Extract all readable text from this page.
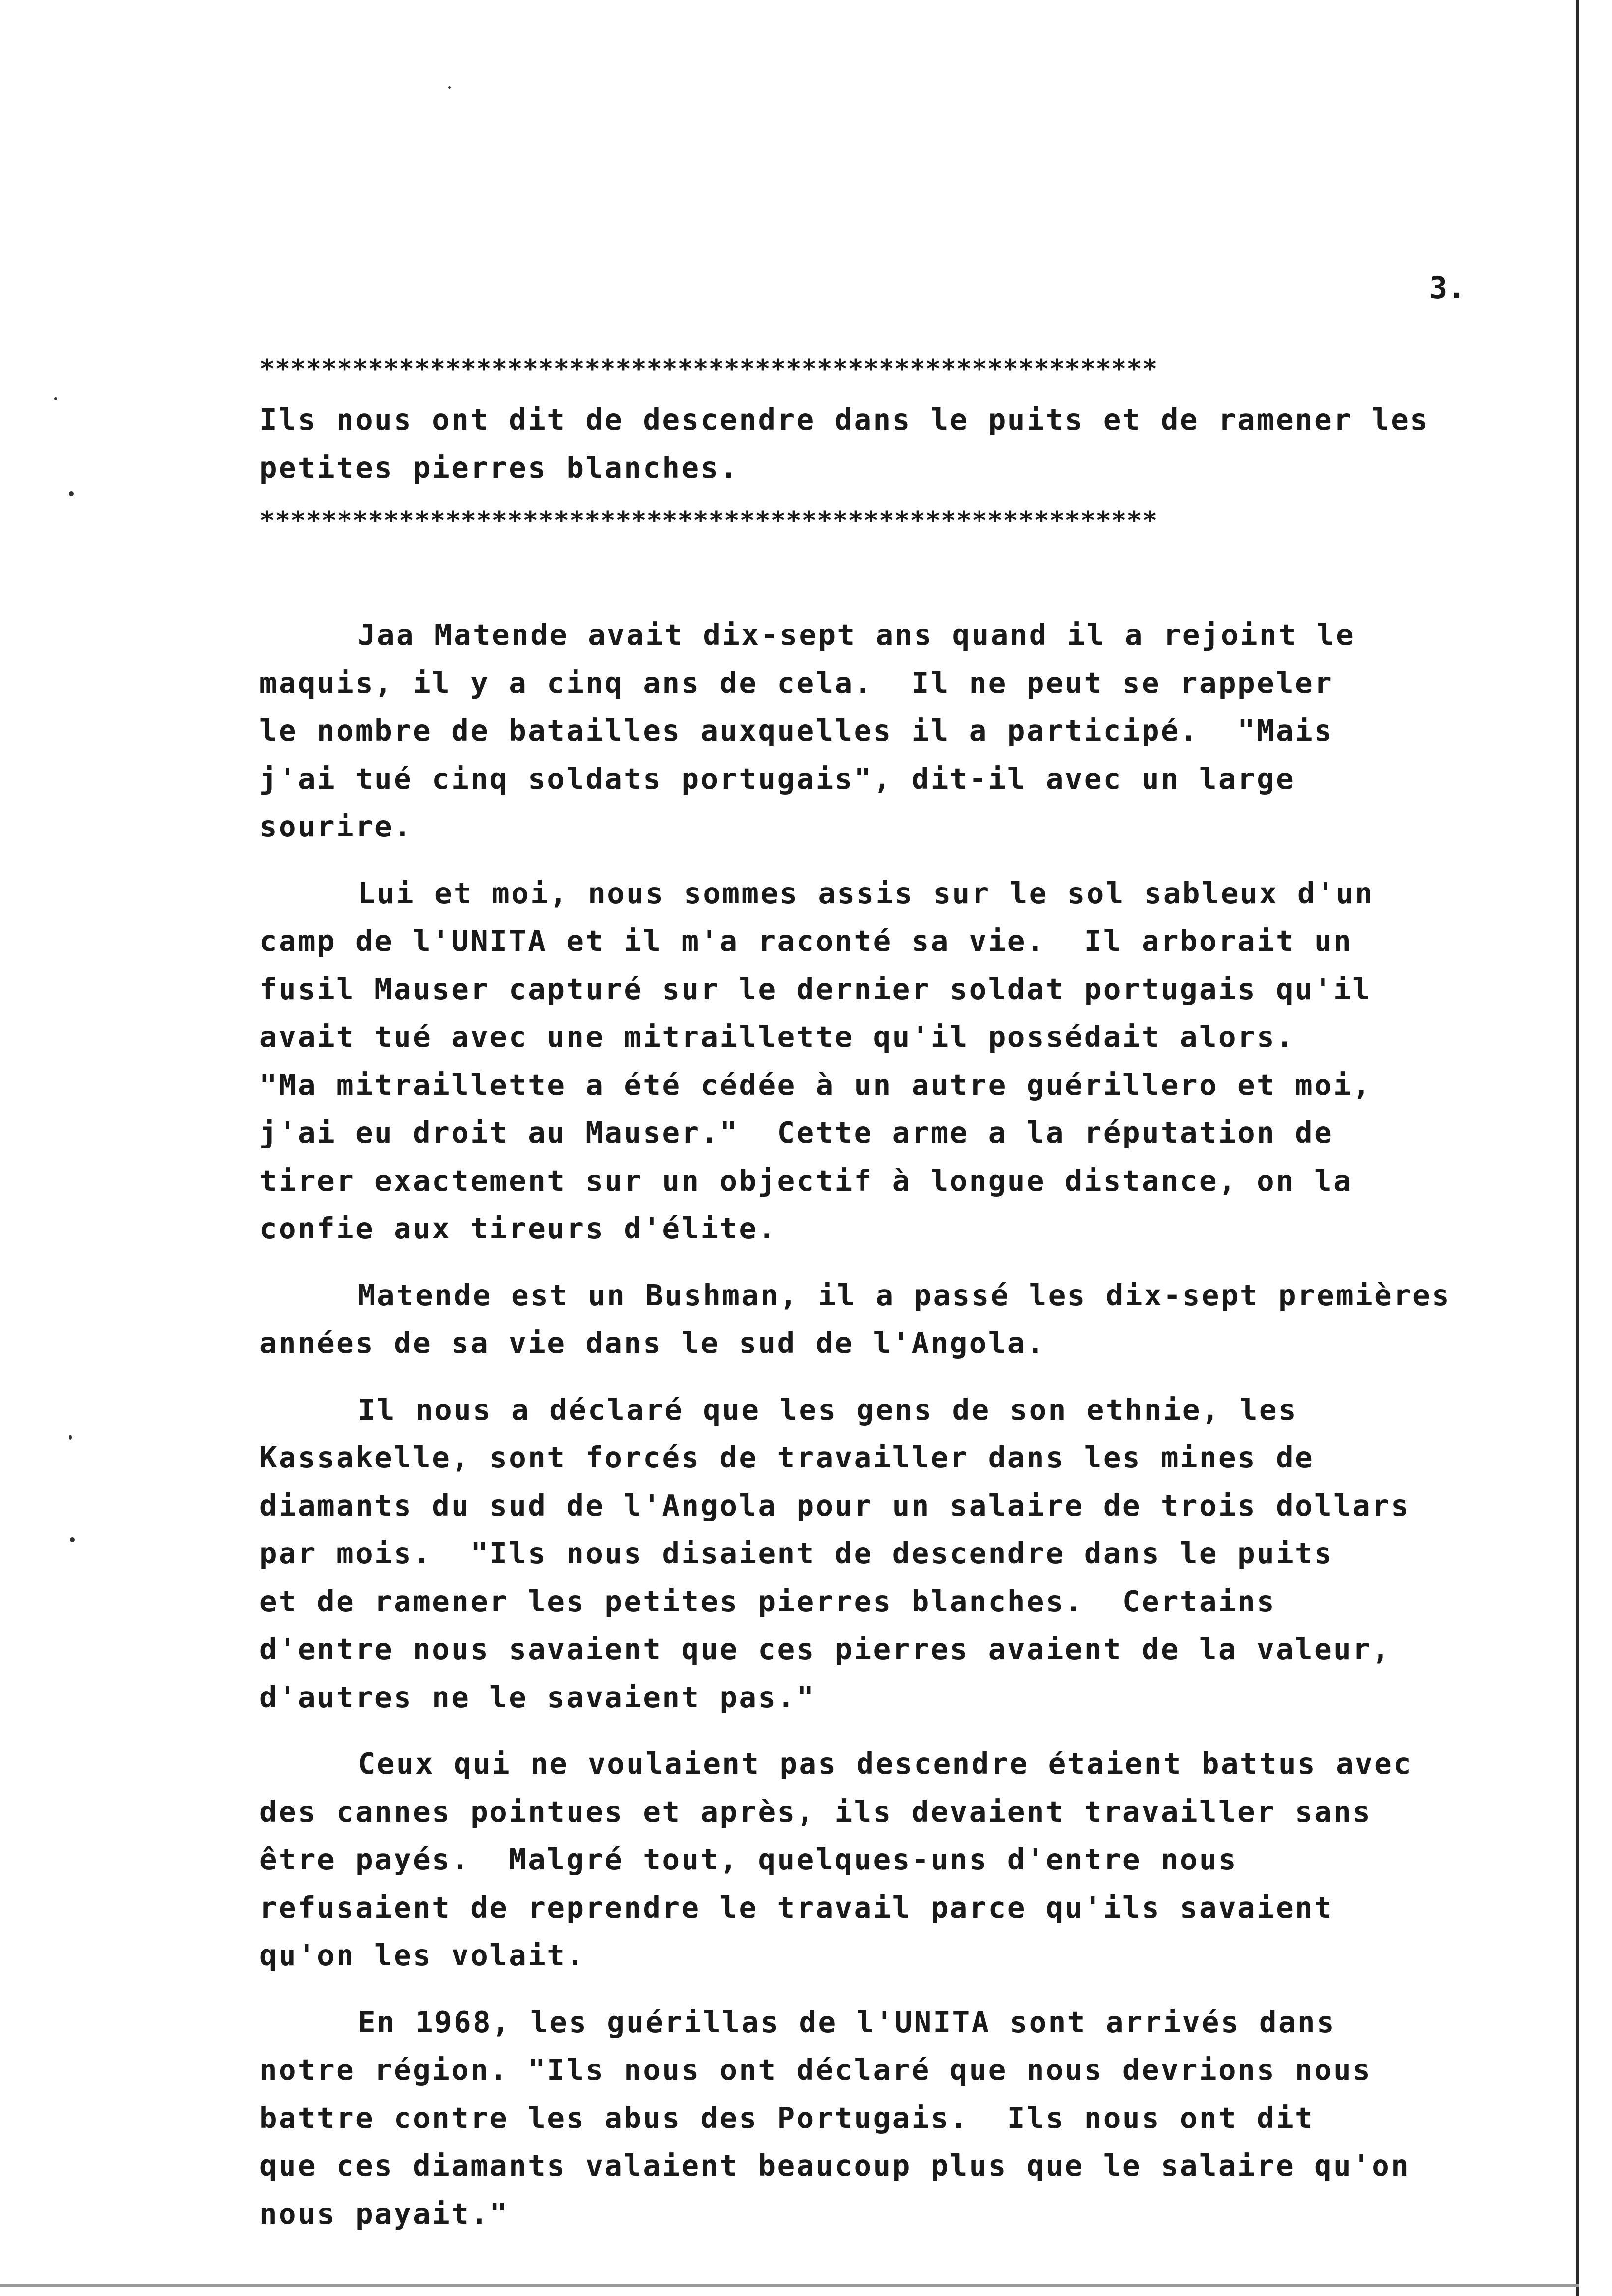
3.
**********************************************************
Ils nous ont dit de descendre dans le puits et de ramener les
petites pierres blanches.
**********************************************************
Jaa Matende avait dix-sept ans quand il a rejoint le
maquis, il y a cinq ans de cela.  Il ne peut se rappeler
le nombre de batailles auxquelles il a participé.  "Mais
j'ai tué cinq soldats portugais", dit-il avec un large
sourire.
Lui et moi, nous sommes assis sur le sol sableux d'un
camp de l'UNITA et il m'a raconté sa vie.  Il arborait un
fusil Mauser capturé sur le dernier soldat portugais qu'il
avait tué avec une mitraillette qu'il possédait alors.
"Ma mitraillette a été cédée à un autre guérillero et moi,
j'ai eu droit au Mauser."  Cette arme a la réputation de
tirer exactement sur un objectif à longue distance, on la
confie aux tireurs d'élite.
Matende est un Bushman, il a passé les dix-sept premières
années de sa vie dans le sud de l'Angola.
Il nous a déclaré que les gens de son ethnie, les
Kassakelle, sont forcés de travailler dans les mines de
diamants du sud de l'Angola pour un salaire de trois dollars
par mois.  "Ils nous disaient de descendre dans le puits
et de ramener les petites pierres blanches.  Certains
d'entre nous savaient que ces pierres avaient de la valeur,
d'autres ne le savaient pas."
Ceux qui ne voulaient pas descendre étaient battus avec
des cannes pointues et après, ils devaient travailler sans
être payés.  Malgré tout, quelques-uns d'entre nous
refusaient de reprendre le travail parce qu'ils savaient
qu'on les volait.
En 1968, les guérillas de l'UNITA sont arrivés dans
notre région. "Ils nous ont déclaré que nous devrions nous
battre contre les abus des Portugais.  Ils nous ont dit
que ces diamants valaient beaucoup plus que le salaire qu'on
nous payait."
